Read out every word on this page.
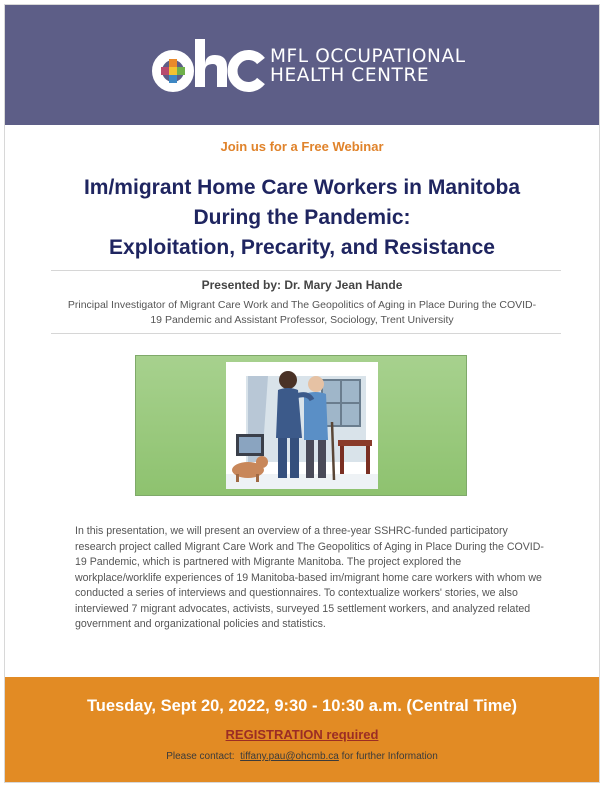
MFL OCCUPATIONAL
HEALTH CENTRE
Join us for a Free Webinar
Im/migrant Home Care Workers in Manitoba
During the Pandemic:
Exploitation, Precarity, and Resistance
Presented by: Dr. Mary Jean Hande
Principal Investigator of Migrant Care Work and The Geopolitics of Aging in Place During the COVID-19 Pandemic and Assistant Professor, Sociology, Trent University
In this presentation, we will present an overview of a three-year SSHRC-funded participatory research project called Migrant Care Work and The Geopolitics of Aging in Place During the COVID-19 Pandemic, which is partnered with Migrante Manitoba. The project explored the workplace/worklife experiences of 19 Manitoba-based im/migrant home care workers with whom we conducted a series of interviews and questionnaires. To contextualize workers' stories, we also interviewed 7 migrant advocates, activists, surveyed 15 settlement workers, and analyzed related government and organizational policies and statistics.
Tuesday, Sept 20, 2022, 9:30 - 10:30 a.m. (Central Time)
REGISTRATION required
Please contact:  tiffany.pau@ohcmb.ca for further Information
